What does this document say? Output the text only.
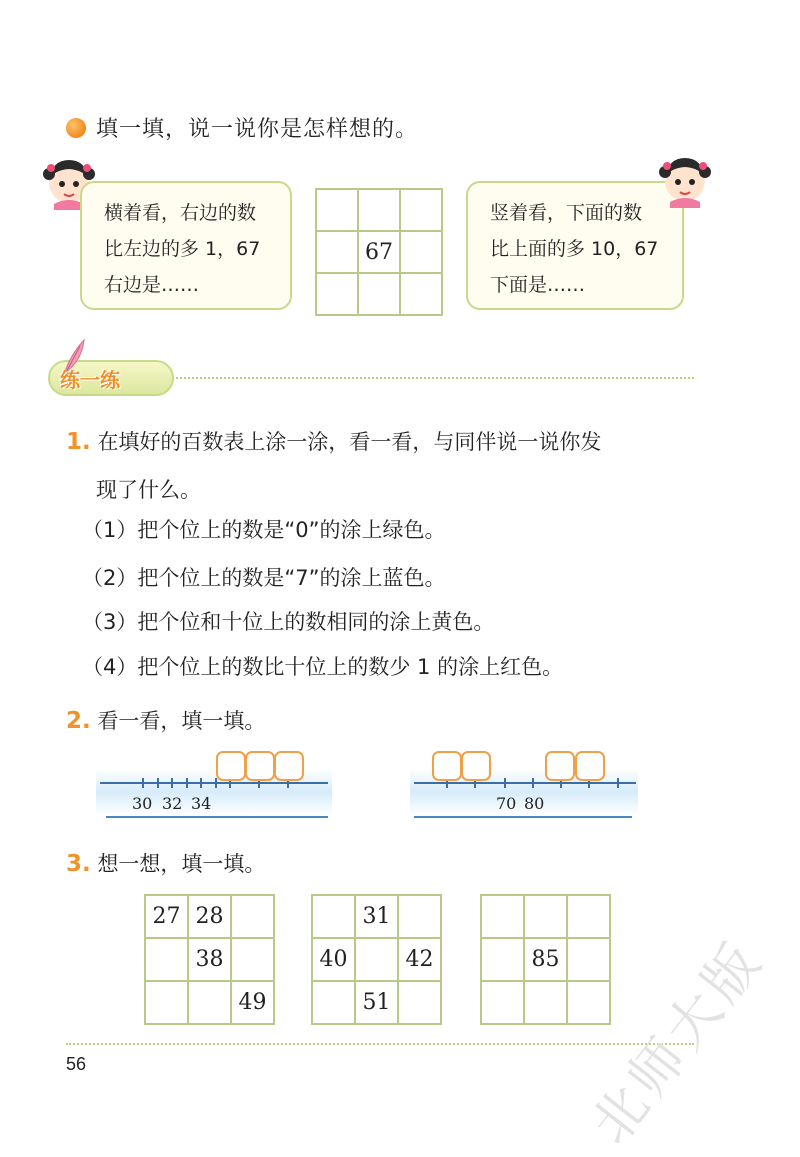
填一填，说一说你是怎样想的。
横着看，右边的数
比左边的多 1，67
右边是……

	67	

竖着看，下面的数
比上面的多 10，67
下面是……
练一练
1. 在填好的百数表上涂一涂，看一看，与同伴说一说你发
现了什么。
（1）把个位上的数是“0”的涂上绿色。
（2）把个位上的数是“7”的涂上蓝色。
（3）把个位和十位上的数相同的涂上黄色。
（4）把个位上的数比十位上的数少 1 的涂上红色。
2. 看一看，填一填。
30 32 34	70 80
3. 想一想，填一填。
27	28	
	38	
		49
	31	
40		42
	51	

	85	

56	北师大版
